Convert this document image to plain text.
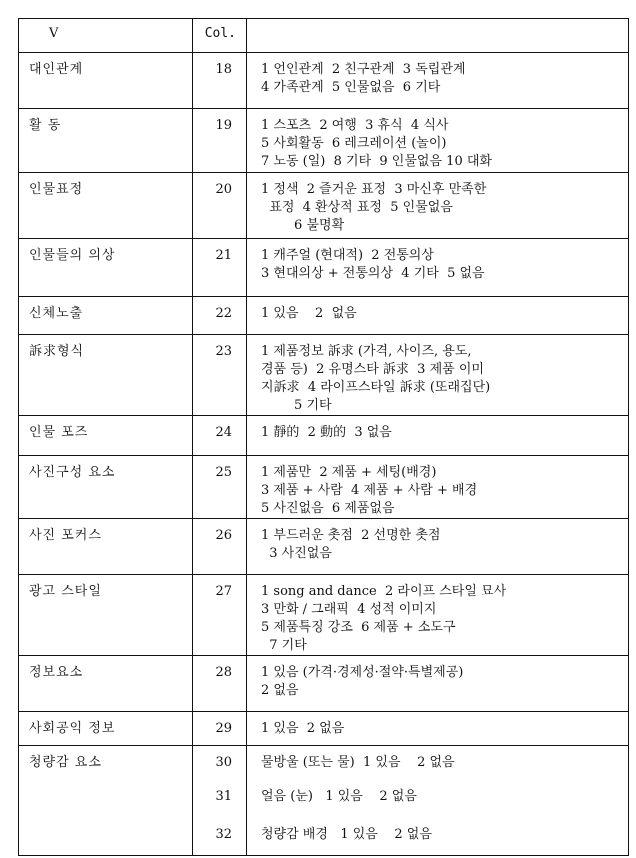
V	Col.	
대인관계	18	1 언인관계  2 친구관계  3 독립관계
4 가족관계  5 인물없음  6 기타

활 동	19	1 스포츠  2 여행  3 휴식  4 식사
5 사회활동  6 레크레이션 (놀이)
7 노동 (일)  8 기타  9 인물없음 10 대화

인물표정	20	1 정색  2 즐거운 표정  3 마신후 만족한
표정  4 환상적 표정  5 인물없음
6 불명확

인물들의 의상	21	1 캐주얼 (현대적)  2 전통의상
3 현대의상 + 전통의상  4 기타  5 없음

신체노출	22	1 있음    2  없음

訴求형식	23	1 제품정보 訴求 (가격, 사이즈, 용도,
경품 등)  2 유명스타 訴求  3 제품 이미
지訴求  4 라이프스타일 訴求 (또래집단)
5 기타

인물 포즈	24	1 靜的  2 動的  3 없음

사진구성 요소	25	1 제품만  2 제품 + 세팅(배경)
3 제품 + 사람  4 제품 + 사람 + 배경
5 사진없음  6 제품없음

사진 포커스	26	1 부드러운 촛점  2 선명한 촛점
3 사진없음

광고 스타일	27	1 song and dance  2 라이프 스타일 묘사
3 만화 / 그래픽  4 성적 이미지
5 제품특징 강조  6 제품 + 소도구
7 기타

정보요소	28	1 있음 (가격·경제성·절약·특별제공)
2 없음

사회공익 정보	29	1 있음  2 없음

청량감 요소	30	물방울 (또는 물)  1 있음    2 없음
	31	얼음 (눈)   1 있음    2 없음
	32	청량감 배경   1 있음    2 없음
